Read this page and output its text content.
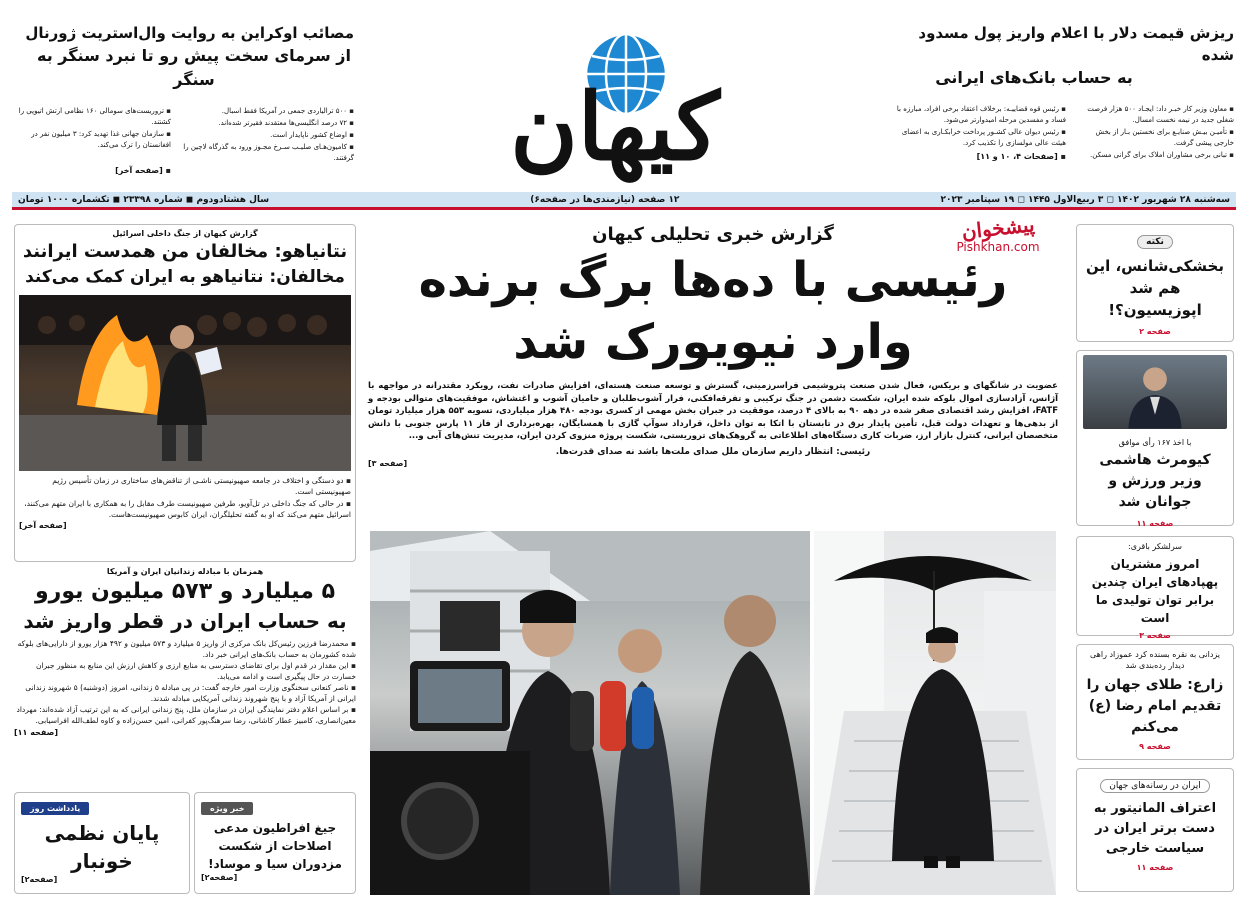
ریزش قیمت دلار با اعلام واریز پول مسدود شده
به حساب بانک‌های ایرانی
▪ معاون وزیر کار خبـر داد: ایجـاد ۵۰۰ هزار فرصت شغلی جدید در نیمه نخست امسال.
▪ تأمیـن بیـش صنایـع برای نخستین بـار از بخش خارجی پیشی گرفت.
▪ تبانی برخی مشاوران املاک برای گرانی مسکن.
▪ رئیس قوه قضاییـه: برخلاف اعتقاد برخی افراد، مبارزه با فساد و مفسدین مرحله امیدوارتر می‌شود.
▪ رئیس دیوان عالی کشـور پرداخت خرابکـاری به اعضای هیئت عالی مولسازی را تکذیب کرد.
▪ [صفحات ۴، ۱۰ و ۱۱]
کیهان
مصائب اوکراین به روایت وال‌استریت ژورنال
از سرمای سخت پیش رو تا نبرد سنگر به سنگر
▪ ۵۰۰ ترالیاردی جمعی در آمریکا فقط اسبال.
▪ ۷۲ درصد انگلیسی‌ها معتقدند فقیرتر شده‌اند.
▪ اوضاع کشور ناپایدار است.
▪ کامیون‌هـای صلیـب سـرخ مجـوز ورود به گذرگاه لاچین را گرفتند.
▪ تروریست‌های سومالی ۱۶۰ نظامی ارتش اتیوپی را کشتند.
▪ سازمان جهانی غذا تهدید کرد: ۳ میلیون نفر در افغانستان را ترک می‌کند.
▪ [صفحه آخر]
سه‌شنبه ۲۸ شهریور ۱۴۰۲ ◻ ۳ ربیع‌الاول ۱۴۴۵ ◻ ۱۹ سپتامبر ۲۰۲۳
۱۲ صفحه (نیازمندی‌ها در صفحه۶)
سال هشتادودوم ◼ شماره ۲۳۳۹۸ ◼ تکشماره ۱۰۰۰ تومان
نکته
بخشکی‌شانس، این هم شد اپوزیسیون؟!
صفحه ۲
با اخذ ۱۶۷ رأی موافق
کیومرث هاشمی وزیر ورزش و جوانان شد
صفحه ۱۱
سرلشکر باقری:
امروز مشتریان پهپادهای ایران چندین برابر توان تولیدی ما است
صفحه ۳
یزدانی به نقره بسنده کرد عموزاد راهی دیدار رده‌بندی شد
زارع: طلای جهان را تقدیم امام رضا (ع) می‌کنم
صفحه ۹
ایران در رسانه‌های جهان
اعتراف المانیتور به دست برتر ایران در سیاست خارجی
صفحه ۱۱
پیشخوان
Pishkhan.com
گزارش خبری تحلیلی کیهان
رئیسی با ده‌ها برگ برنده
وارد نیویورک شد
عضویت در شانگهای و بریکس، فعال شدن صنعت پتروشیمی فراسرزمینی، گسترش و توسعه صنعت هسته‌ای، افزایش صادرات نفت، رویکرد مقتدرانه در مواجهه با آژانس، آزادسازی اموال بلوکه شده ایران، شکست دشمن در جنگ ترکیبی و تفرقه‌افکنی، فرار آشوب‌طلبان و حامیان آشوب و اغتشاش، موفقیت‌های متوالی بودجه و FATF، افزایش رشد اقتصادی صفر شده در دهه ۹۰ به بالای ۴ درصد، موفقیت در جبران بخش مهمی از کسری بودجه ۴۸۰ هزار میلیاردی، تسویه ۵۵۳ هزار میلیارد تومان از بدهی‌ها و تعهدات دولت قبل، تأمین پایدار برق در تابستان با اتکا به توان داخل، قرارداد سوآپ گازی با همسایگان، بهره‌برداری از فاز ۱۱ پارس جنوبی با دانش متخصصان ایرانی، کنترل بازار ارز، ضربات کاری دستگاه‌های اطلاعاتی به گروهک‌های تروریستی، شکست پروژه منزوی کردن ایران، مدیریت تنش‌های آبی و...
رئیسی: انتظار داریم سازمان ملل صدای ملت‌ها باشد نه صدای قدرت‌ها.
[صفحه ۳]
گزارش کیهان از جنگ داخلی اسرائیل
نتانیاهو: مخالفان من همدست ایرانند
مخالفان: نتانیاهو به ایران کمک می‌کند
▪ دو دستگی و اختلاف در جامعه صهیونیستی ناشـی از تناقض‌های ساختاری در زمان تأسیس رژیم صهیونیستی است.
▪ در حالی که جنگ داخلی در تل‌آویو، طرفین صهیونیست طرف مقابل را به همکاری با ایران متهم می‌کنند، اسرائیل متهم می‌کند که او به گفته تحلیلگران، ایران کابوس صهیونیست‌هاست.
[صفحه آخر]
همزمان با مبادله زندانیان ایران و آمریکا
۵ میلیارد و ۵۷۳ میلیون یورو
به حساب ایران در قطر واریز شد
▪ محمدرضا فرزین رئیس‌کل بانک مرکزی از واریز ۵ میلیارد و ۵۷۳ میلیون و ۴۹۲ هزار یورو از دارایی‌های بلوکه شده کشورمان به حساب بانک‌های ایرانی خبر داد.
▪ این مقدار در قدم اول برای تقاضای دسترسی به منابع ارزی و کاهش ارزش این منابع به منظور جبران خسارت در حال پیگیری است و ادامه می‌یابد.
▪ ناصر کنعانی سخنگوی وزارت امور خارجه گفت: در پی مبادله ۵ زندانی، امروز (دوشنبه) ۵ شهروند زندانی ایرانی از آمریکا آزاد و با پنج شهروند زندانی آمریکایی مبادله شدند.
▪ بر اساس اعلام دفتر نمایندگی ایران در سازمان ملل، پنج زندانی ایرانی که به این ترتیب آزاد شده‌اند: مهرداد معین‌انصاری، کامبیز عطار کاشانی، رضا سرهنگ‌پور کفرانی، امین حسن‌زاده و کاوه لطف‌الله افراسیابی.
[صفحه ۱۱]
خبر ویژه
جیغ افراطیون مدعی اصلاحات از شکست مزدوران سیا و موساد!
[صفحه۲]
یادداشت روز
پایان نظمی خونبار
[صفحه۲]
